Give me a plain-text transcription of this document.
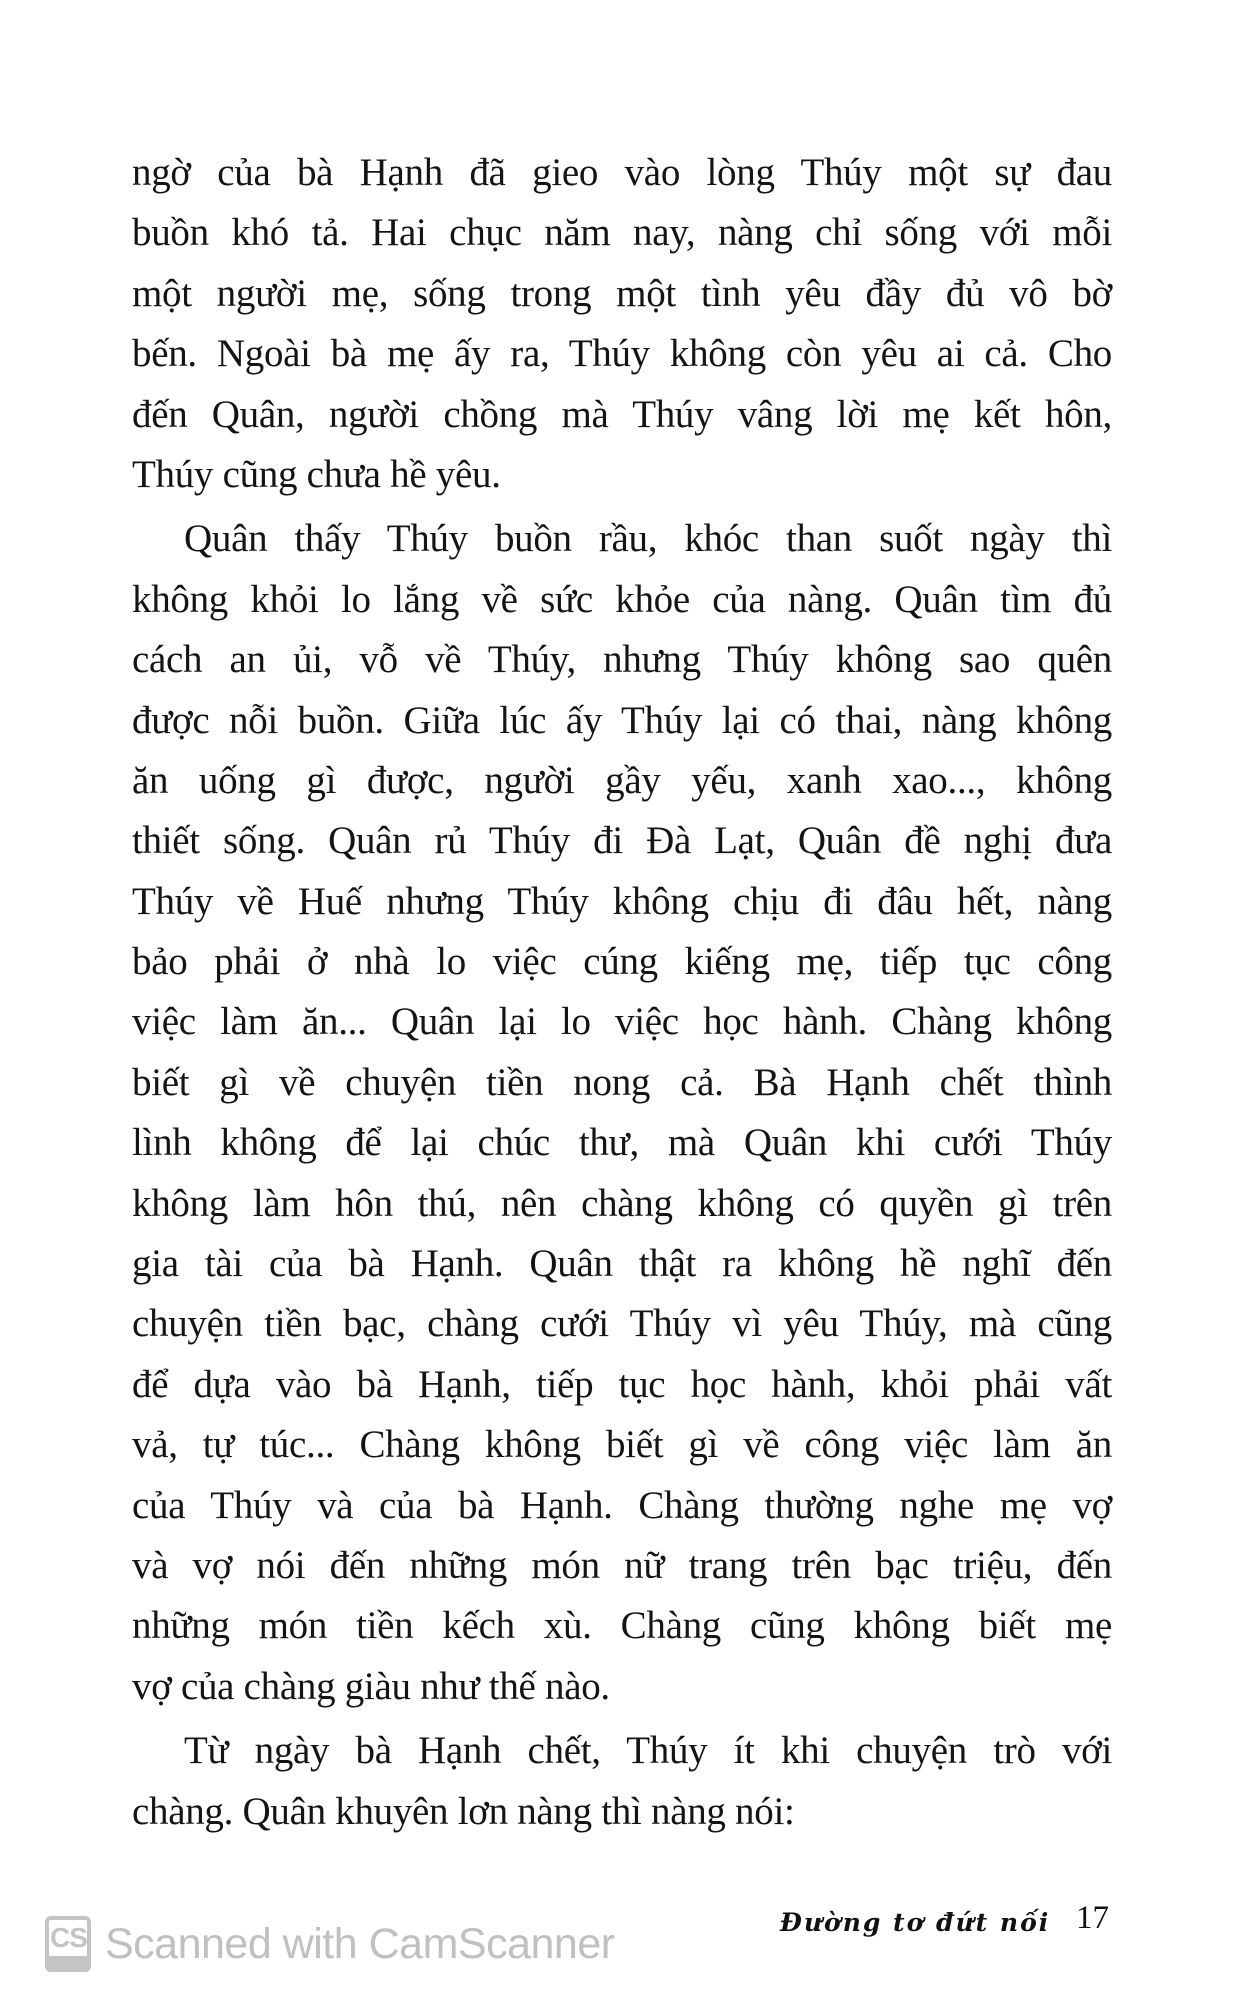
ngờ của bà Hạnh đã gieo vào lòng Thúy một sự đau
buồn khó tả. Hai chục năm nay, nàng chỉ sống với mỗi
một người mẹ, sống trong một tình yêu đầy đủ vô bờ
bến. Ngoài bà mẹ ấy ra, Thúy không còn yêu ai cả. Cho
đến Quân, người chồng mà Thúy vâng lời mẹ kết hôn,
Thúy cũng chưa hề yêu.
Quân thấy Thúy buồn rầu, khóc than suốt ngày thì
không khỏi lo lắng về sức khỏe của nàng. Quân tìm đủ
cách an ủi, vỗ về Thúy, nhưng Thúy không sao quên
được nỗi buồn. Giữa lúc ấy Thúy lại có thai, nàng không
ăn uống gì được, người gầy yếu, xanh xao..., không
thiết sống. Quân rủ Thúy đi Đà Lạt, Quân đề nghị đưa
Thúy về Huế nhưng Thúy không chịu đi đâu hết, nàng
bảo phải ở nhà lo việc cúng kiếng mẹ, tiếp tục công
việc làm ăn... Quân lại lo việc học hành. Chàng không
biết gì về chuyện tiền nong cả. Bà Hạnh chết thình
lình không để lại chúc thư, mà Quân khi cưới Thúy
không làm hôn thú, nên chàng không có quyền gì trên
gia tài của bà Hạnh. Quân thật ra không hề nghĩ đến
chuyện tiền bạc, chàng cưới Thúy vì yêu Thúy, mà cũng
để dựa vào bà Hạnh, tiếp tục học hành, khỏi phải vất
vả, tự túc... Chàng không biết gì về công việc làm ăn
của Thúy và của bà Hạnh. Chàng thường nghe mẹ vợ
và vợ nói đến những món nữ trang trên bạc triệu, đến
những món tiền kếch xù. Chàng cũng không biết mẹ
vợ của chàng giàu như thế nào.
Từ ngày bà Hạnh chết, Thúy ít khi chuyện trò với
chàng. Quân khuyên lơn nàng thì nàng nói:
Đường tơ đứt nối 17
CS Scanned with CamScanner
